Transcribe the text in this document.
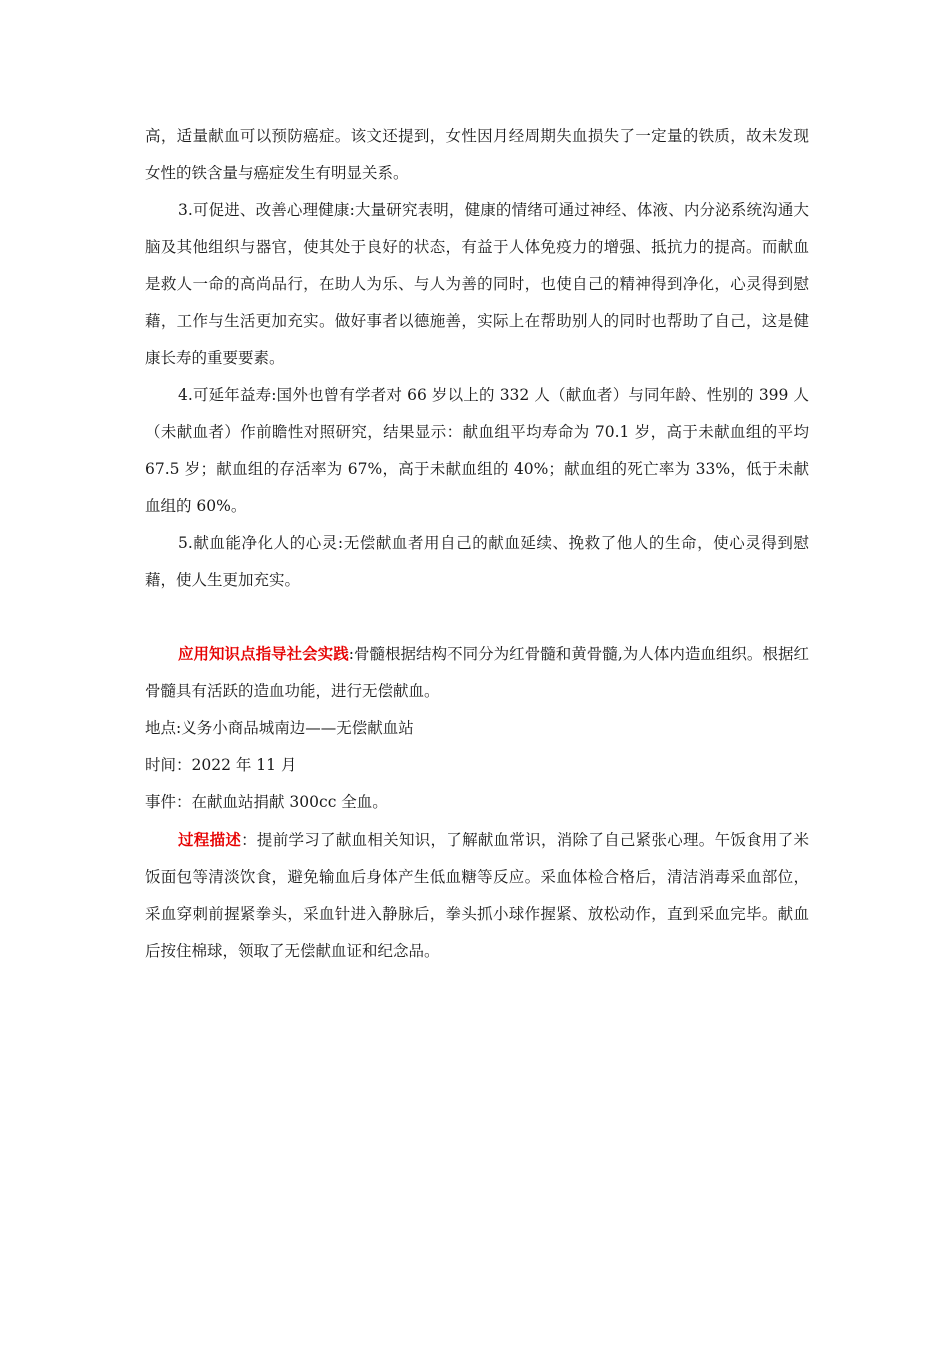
高，适量献血可以预防癌症。该文还提到，女性因月经周期失血损失了一定量的铁质，故未发现女性的铁含量与癌症发生有明显关系。

3.可促进、改善心理健康:大量研究表明，健康的情绪可通过神经、体液、内分泌系统沟通大脑及其他组织与器官，使其处于良好的状态，有益于人体免疫力的增强、抵抗力的提高。而献血是救人一命的高尚品行，在助人为乐、与人为善的同时，也使自己的精神得到净化，心灵得到慰藉，工作与生活更加充实。做好事者以德施善，实际上在帮助别人的同时也帮助了自己，这是健康长寿的重要要素。

4.可延年益寿:国外也曾有学者对 66 岁以上的 332 人（献血者）与同年龄、性别的 399 人（未献血者）作前瞻性对照研究，结果显示：献血组平均寿命为 70.1 岁，高于未献血组的平均 67.5 岁；献血组的存活率为 67%，高于未献血组的 40%；献血组的死亡率为 33%，低于未献血组的 60%。

5.献血能净化人的心灵:无偿献血者用自己的献血延续、挽救了他人的生命，使心灵得到慰藉，使人生更加充实。

应用知识点指导社会实践:骨髓根据结构不同分为红骨髓和黄骨髓,为人体内造血组织。根据红骨髓具有活跃的造血功能，进行无偿献血。

地点:义务小商品城南边——无偿献血站

时间：2022 年 11 月

事件：在献血站捐献 300cc 全血。

过程描述：提前学习了献血相关知识，了解献血常识，消除了自己紧张心理。午饭食用了米饭面包等清淡饮食，避免输血后身体产生低血糖等反应。采血体检合格后，清洁消毒采血部位，采血穿刺前握紧拳头，采血针进入静脉后，拳头抓小球作握紧、放松动作，直到采血完毕。献血后按住棉球，领取了无偿献血证和纪念品。
